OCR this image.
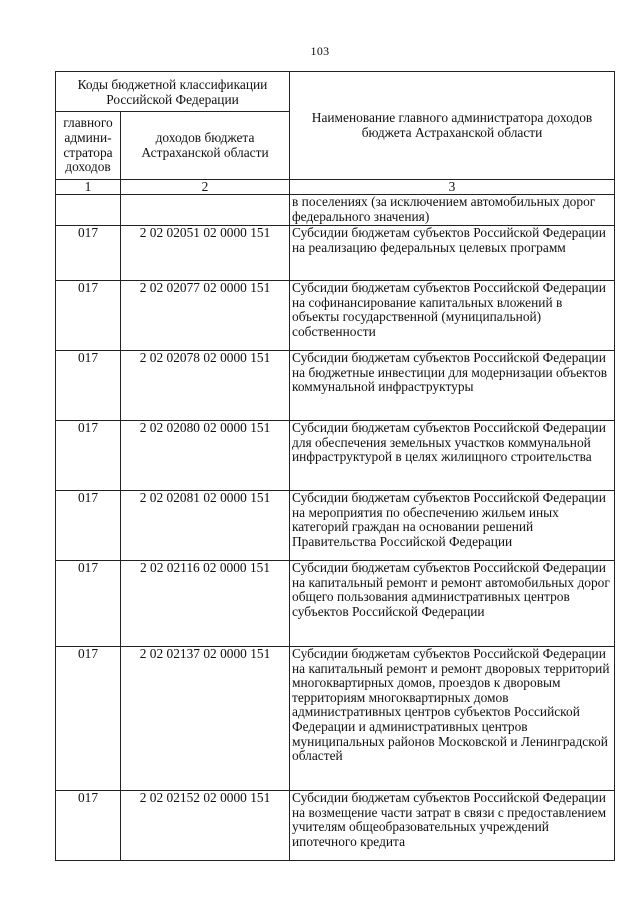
103
Коды бюджетной классификации Российской Федерации		Наименование главного администратора доходов бюджета Астраханской области
главного админи-стратора доходов	доходов бюджета Астраханской области	
1	2	3
		в поселениях (за исключением автомобильных дорог федерального значения)
017	2 02 02051 02 0000 151	Субсидии бюджетам субъектов Российской Федерации на реализацию федеральных целевых программ
017	2 02 02077 02 0000 151	Субсидии бюджетам субъектов Российской Федерации на софинансирование капитальных вложений в объекты государственной (муниципальной) собственности
017	2 02 02078 02 0000 151	Субсидии бюджетам субъектов Российской Федерации на бюджетные инвестиции для модернизации объектов коммунальной инфраструктуры
017	2 02 02080 02 0000 151	Субсидии бюджетам субъектов Российской Федерации для обеспечения земельных участков коммунальной инфраструктурой в целях жилищного строительства
017	2 02 02081 02 0000 151	Субсидии бюджетам субъектов Российской Федерации на мероприятия по обеспечению жильем иных категорий граждан на основании решений Правительства Российской Федерации
017	2 02 02116 02 0000 151	Субсидии бюджетам субъектов Российской Федерации на капитальный ремонт и ремонт автомобильных дорог общего пользования административных центров субъектов Российской Федерации
017	2 02 02137 02 0000 151	Субсидии бюджетам субъектов Российской Федерации на капитальный ремонт и ремонт дворовых территорий многоквартирных домов, проездов к дворовым территориям многоквартирных домов административных центров субъектов Российской Федерации и административных центров муниципальных районов Московской и Ленинградской областей
017	2 02 02152 02 0000 151	Субсидии бюджетам субъектов Российской Федерации на возмещение части затрат в связи с предоставлением учителям общеобразовательных учреждений ипотечного кредита
